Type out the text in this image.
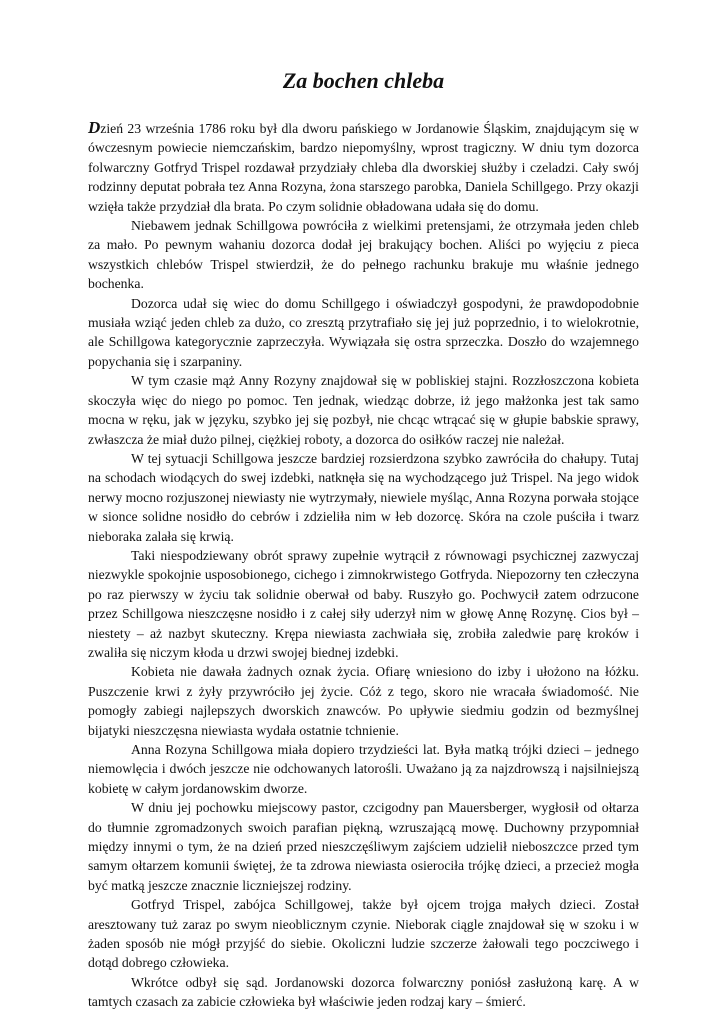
Za bochen chleba

Dzień 23 września 1786 roku był dla dworu pańskiego w Jordanowie Śląskim, znajdującym się w ówczesnym powiecie niemczańskim, bardzo niepomyślny, wprost tragiczny. W dniu tym dozorca folwarczny Gotfryd Trispel rozdawał przydziały chleba dla dworskiej służby i czeladzi. Cały swój rodzinny deputat pobrała tez Anna Rozyna, żona starszego parobka, Daniela Schillgego. Przy okazji wzięła także przydział dla brata. Po czym solidnie obładowana udała się do domu.

Niebawem jednak Schillgowa powróciła z wielkimi pretensjami, że otrzymała jeden chleb za mało. Po pewnym wahaniu dozorca dodał jej brakujący bochen. Aliści po wyjęciu z pieca wszystkich chlebów Trispel stwierdził, że do pełnego rachunku brakuje mu właśnie jednego bochenka.

Dozorca udał się wiec do domu Schillgego i oświadczył gospodyni, że prawdopodobnie musiała wziąć jeden chleb za dużo, co zresztą przytrafiało się jej już poprzednio, i to wielokrotnie, ale Schillgowa kategorycznie zaprzeczyła. Wywiązała się ostra sprzeczka. Doszło do wzajemnego popychania się i szarpaniny.

W tym czasie mąż Anny Rozyny znajdował się w pobliskiej stajni. Rozzłoszczona kobieta skoczyła więc do niego po pomoc. Ten jednak, wiedząc dobrze, iż jego małżonka jest tak samo mocna w ręku, jak w języku, szybko jej się pozbył, nie chcąc wtrącać się w głupie babskie sprawy, zwłaszcza że miał dużo pilnej, ciężkiej roboty, a dozorca do osiłków raczej nie należał.

W tej sytuacji Schillgowa jeszcze bardziej rozsierdzona szybko zawróciła do chałupy. Tutaj na schodach wiodących do swej izdebki, natknęła się na wychodzącego już Trispel. Na jego widok nerwy mocno rozjuszonej niewiasty nie wytrzymały, niewiele myśląc, Anna Rozyna porwała stojące w sionce solidne nosidło do cebrów i zdzieliła nim w łeb dozorcę. Skóra na czole puściła i twarz nieboraka zalała się krwią.

Taki niespodziewany obrót sprawy zupełnie wytrącił z równowagi psychicznej zazwyczaj niezwykle spokojnie usposobionego, cichego i zimnokrwistego Gotfryda. Niepozorny ten człeczyna po raz pierwszy w życiu tak solidnie oberwał od baby. Ruszyło go. Pochwycił zatem odrzucone przez Schillgowa nieszczęsne nosidło i z całej siły uderzył nim w głowę Annę Rozynę. Cios był – niestety – aż nazbyt skuteczny. Krępa niewiasta zachwiała się, zrobiła zaledwie parę kroków i zwaliła się niczym kłoda u drzwi swojej biednej izdebki.

Kobieta nie dawała żadnych oznak życia. Ofiarę wniesiono do izby i ułożono na łóżku. Puszczenie krwi z żyły przywróciło jej życie. Cóż z tego, skoro nie wracała świadomość. Nie pomogły zabiegi najlepszych dworskich znawców. Po upływie siedmiu godzin od bezmyślnej bijatyki nieszczęsna niewiasta wydała ostatnie tchnienie.

Anna Rozyna Schillgowa miała dopiero trzydzieści lat. Była matką trójki dzieci – jednego niemowlęcia i dwóch jeszcze nie odchowanych latorośli. Uważano ją za najzdrowszą i najsilniejszą kobietę w całym jordanowskim dworze.

W dniu jej pochowku miejscowy pastor, czcigodny pan Mauersberger, wygłosił od ołtarza do tłumnie zgromadzonych swoich parafian piękną, wzruszającą mowę. Duchowny przypomniał między innymi o tym, że na dzień przed nieszczęśliwym zajściem udzielił nieboszczce przed tym samym ołtarzem komunii świętej, że ta zdrowa niewiasta osierociła trójkę dzieci, a przecież mogła być matką jeszcze znacznie liczniejszej rodziny.

Gotfryd Trispel, zabójca Schillgowej, także był ojcem trojga małych dzieci. Został aresztowany tuż zaraz po swym nieoblicznym czynie. Nieborak ciągle znajdował się w szoku i w żaden sposób nie mógł przyjść do siebie. Okoliczni ludzie szczerze żałowali tego poczciwego i dotąd dobrego człowieka.

Wkrótce odbył się sąd. Jordanowski dozorca folwarczny poniósł zasłużoną karę. A w tamtych czasach za zabicie człowieka był właściwie jeden rodzaj kary – śmierć.
